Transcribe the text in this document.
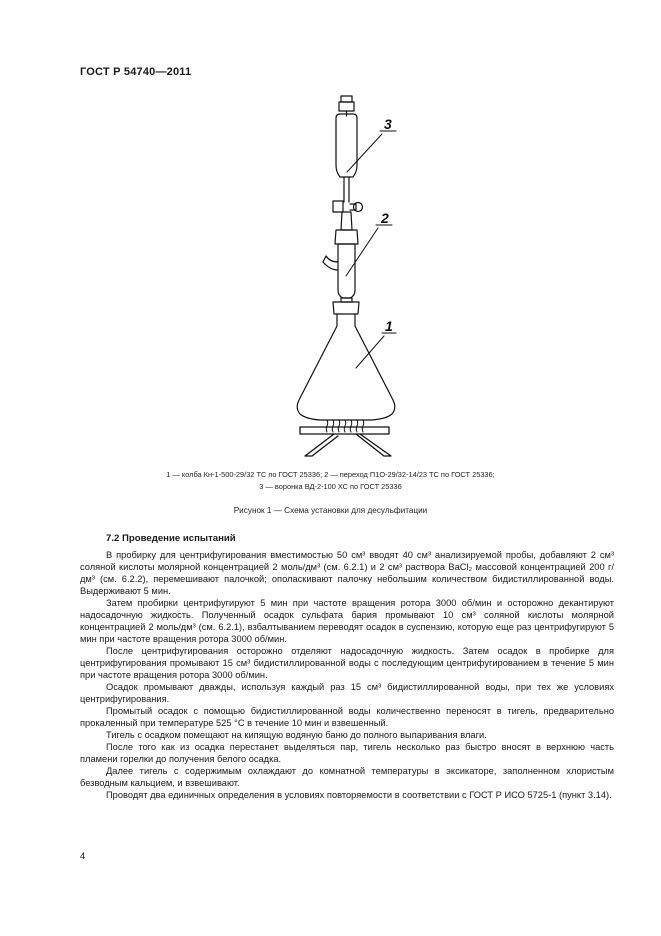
ГОСТ Р 54740—2011
3
2
1
1 — колба Кн-1-500-29/32 ТС по ГОСТ 25336; 2 — переход П1О-29/32-14/23 ТС по ГОСТ 25336;
3 — воронка ВД-2-100 ХС по ГОСТ 25336
Рисунок 1 — Схема установки для десульфитации
7.2 Проведение испытаний

В пробирку для центрифугирования вместимостью 50 см³ вводят 40 см³ анализируемой пробы, добавляют 2 см³ соляной кислоты молярной концентрацией 2 моль/дм³ (см. 6.2.1) и 2 см³ раствора BaCl₂ массовой концентрацией 200 г/дм³ (см. 6.2.2), перемешивают палочкой; ополаскивают палочку небольшим количеством бидистиллированной воды. Выдерживают 5 мин.

Затем пробирки центрифугируют 5 мин при частоте вращения ротора 3000 об/мин и осторожно декантируют надосадочную жидкость. Полученный осадок сульфата бария промывают 10 см³ соляной кислоты молярной концентрацией 2 моль/дм³ (см. 6.2.1), взбалтыванием переводят осадок в суспензию, которую еще раз центрифугируют 5 мин при частоте вращения ротора 3000 об/мин.

После центрифугирования осторожно отделяют надосадочную жидкость. Затем осадок в пробирке для центрифугирования промывают 15 см³ бидистиллированной воды с последующим центрифугированием в течение 5 мин при частоте вращения ротора 3000 об/мин.

Осадок промывают дважды, используя каждый раз 15 см³ бидистиллированной воды, при тех же условиях центрифугирования.

Промытый осадок с помощью бидистиллированной воды количественно переносят в тигель, предварительно прокаленный при температуре 525 °C в течение 10 мин и взвешенный.

Тигель с осадком помещают на кипящую водяную баню до полного выпаривания влаги.

После того как из осадка перестанет выделяться пар, тигель несколько раз быстро вносят в верхнюю часть пламени горелки до получения белого осадка.

Далее тигель с содержимым охлаждают до комнатной температуры в эксикаторе, заполненном хлористым безводным кальцием, и взвешивают.

Проводят два единичных определения в условиях повторяемости в соответствии с ГОСТ Р ИСО 5725-1 (пункт 3.14).

4
